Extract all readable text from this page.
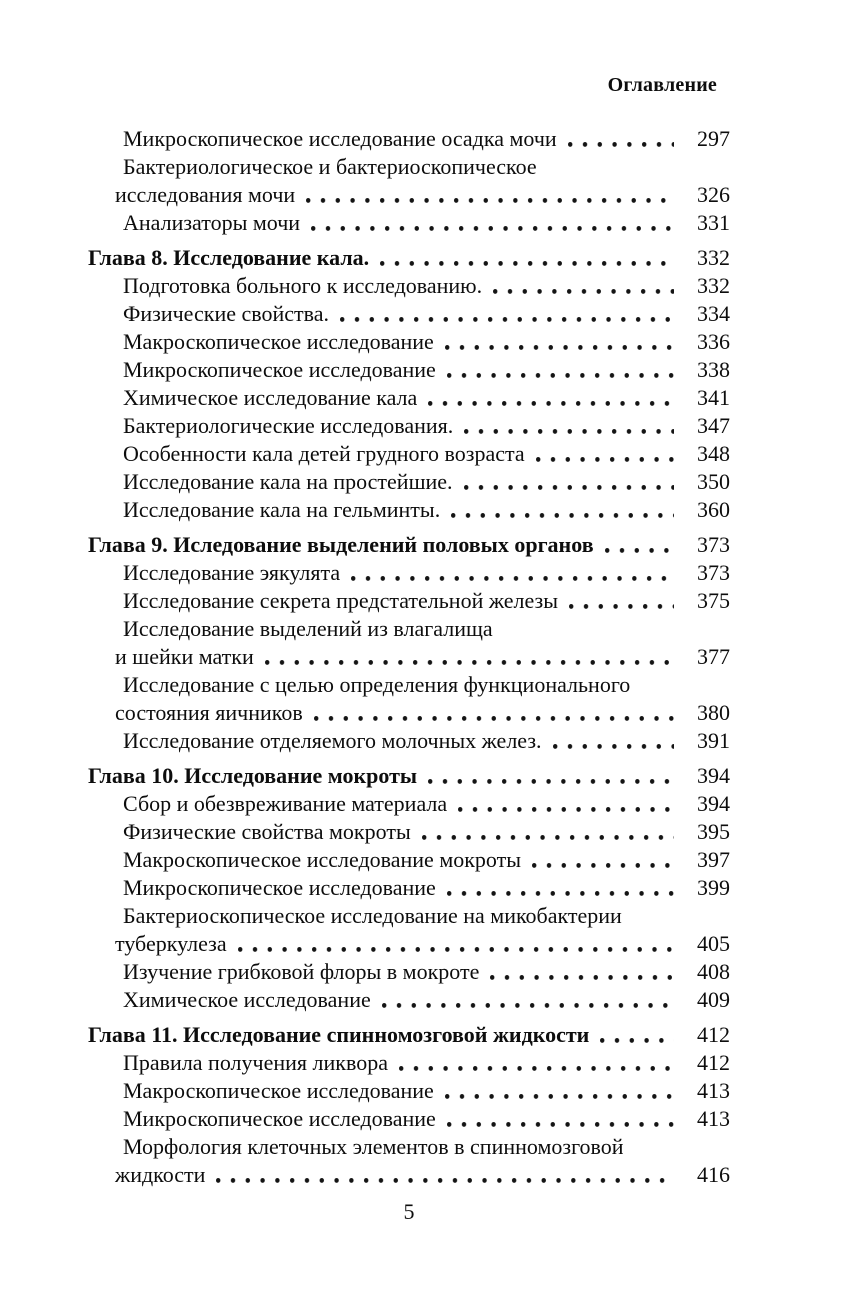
Оглавление
Микроскопическое исследование осадка мочи	297
Бактериологическое и бактериоскопическое
исследования мочи	326
Анализаторы мочи	331
Глава 8. Исследование кала.	332
Подготовка больного к исследованию.	332
Физические свойства.	334
Макроскопическое исследование	336
Микроскопическое исследование	338
Химическое исследование кала	341
Бактериологические исследования.	347
Особенности кала детей грудного возраста	348
Исследование кала на простейшие.	350
Исследование кала на гельминты.	360
Глава 9. Иследование выделений половых органов	373
Исследование эякулята	373
Исследование секрета предстательной железы	375
Исследование выделений из влагалища
и шейки матки	377
Исследование с целью определения функционального
состояния яичников	380
Исследование отделяемого молочных желез.	391
Глава 10. Исследование мокроты	394
Сбор и обезвреживание материала	394
Физические свойства мокроты	395
Макроскопическое исследование мокроты	397
Микроскопическое исследование	399
Бактериоскопическое исследование на микобактерии
туберкулеза	405
Изучение грибковой флоры в мокроте	408
Химическое исследование	409
Глава 11. Исследование спинномозговой жидкости	412
Правила получения ликвора	412
Макроскопическое исследование	413
Микроскопическое исследование	413
Морфология клеточных элементов в спинномозговой
жидкости	416
5
